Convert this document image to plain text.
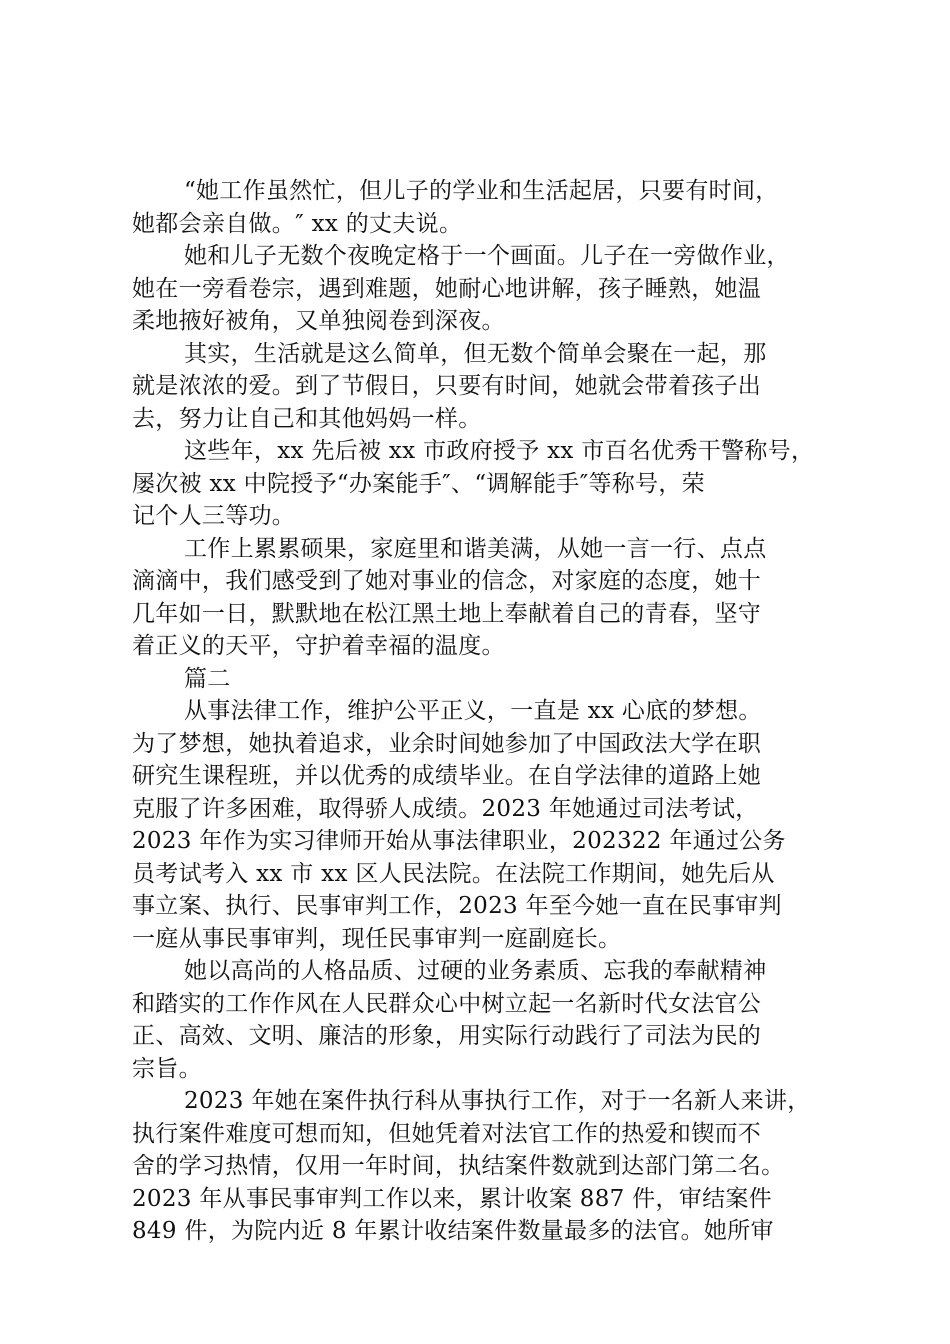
“她工作虽然忙，但儿子的学业和生活起居，只要有时间，
她都会亲自做。″ xx 的丈夫说。
她和儿子无数个夜晚定格于一个画面。儿子在一旁做作业，
她在一旁看卷宗，遇到难题，她耐心地讲解，孩子睡熟，她温
柔地掖好被角，又单独阅卷到深夜。
其实，生活就是这么简单，但无数个简单会聚在一起，那
就是浓浓的爱。到了节假日，只要有时间，她就会带着孩子出
去，努力让自己和其他妈妈一样。
这些年，xx 先后被 xx 市政府授予 xx 市百名优秀干警称号，
屡次被 xx 中院授予“办案能手″、“调解能手″等称号，荣
记个人三等功。
工作上累累硕果，家庭里和谐美满，从她一言一行、点点
滴滴中，我们感受到了她对事业的信念，对家庭的态度，她十
几年如一日，默默地在松江黑土地上奉献着自己的青春，坚守
着正义的天平，守护着幸福的温度。
篇二
从事法律工作，维护公平正义，一直是 xx 心底的梦想。
为了梦想，她执着追求，业余时间她参加了中国政法大学在职
研究生课程班，并以优秀的成绩毕业。在自学法律的道路上她
克服了许多困难，取得骄人成绩。2023 年她通过司法考试，
2023 年作为实习律师开始从事法律职业，202322 年通过公务
员考试考入 xx 市 xx 区人民法院。在法院工作期间，她先后从
事立案、执行、民事审判工作，2023 年至今她一直在民事审判
一庭从事民事审判，现任民事审判一庭副庭长。
她以高尚的人格品质、过硬的业务素质、忘我的奉献精神
和踏实的工作作风在人民群众心中树立起一名新时代女法官公
正、高效、文明、廉洁的形象，用实际行动践行了司法为民的
宗旨。
2023 年她在案件执行科从事执行工作，对于一名新人来讲，
执行案件难度可想而知，但她凭着对法官工作的热爱和锲而不
舍的学习热情，仅用一年时间，执结案件数就到达部门第二名。
2023 年从事民事审判工作以来，累计收案 887 件，审结案件
849 件，为院内近 8 年累计收结案件数量最多的法官。她所审
